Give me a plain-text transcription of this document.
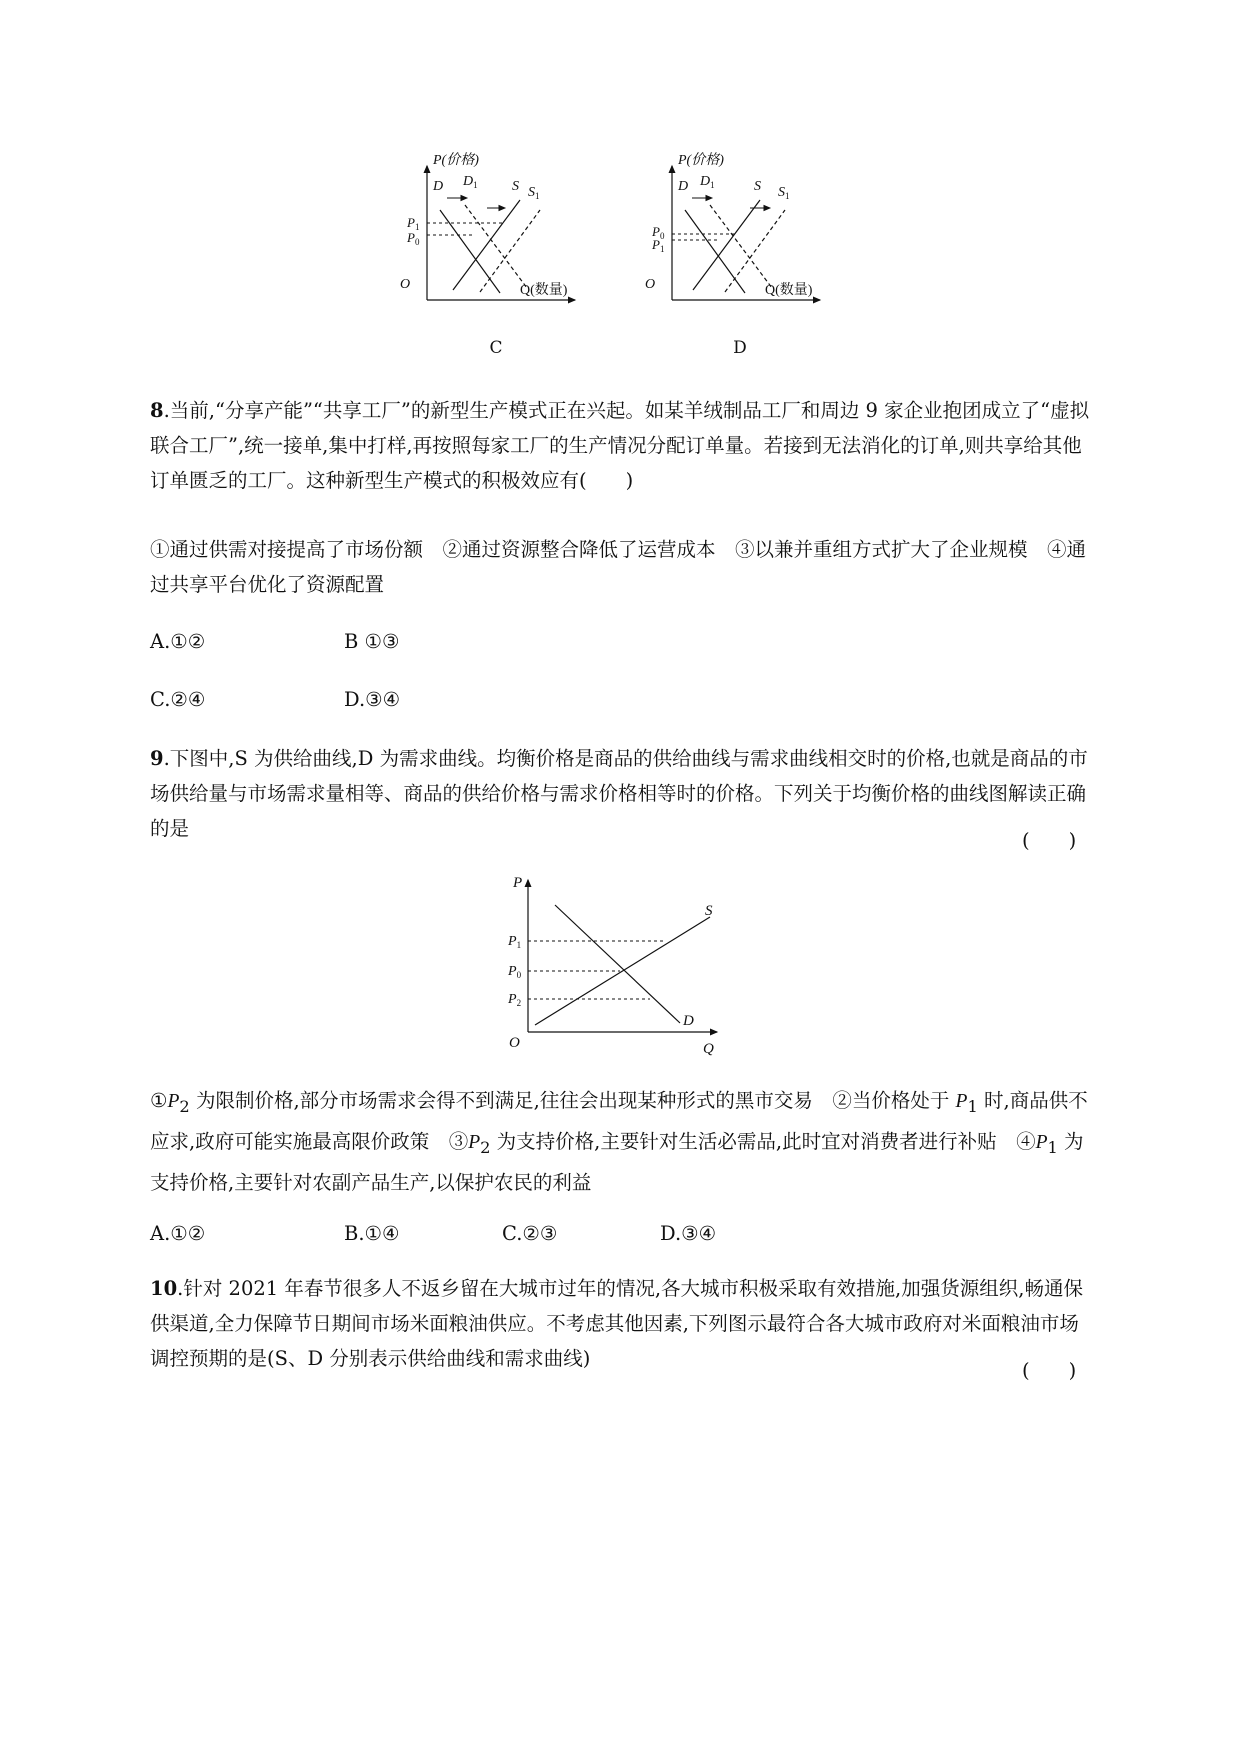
P(价格)
O	Q(数量)
D $D_1$ S $S_1$
$P_1$
$P_0$
C
P(价格)
O	Q(数量)
D $D_1$	S $S_1$
$P_0$
$P_1$
D

8.当前,“分享产能”“共享工厂”的新型生产模式正在兴起。如某羊绒制品工厂和周边 9 家企业抱团成立了“虚拟联合工厂”,统一接单,集中打样,再按照每家工厂的生产情况分配订单量。若接到无法消化的订单,则共享给其他订单匮乏的工厂。这种新型生产模式的积极效应有(　　)

①通过供需对接提高了市场份额　②通过资源整合降低了运营成本　③以兼并重组方式扩大了企业规模　④通过共享平台优化了资源配置

A.①②	B ①③
C.②④	D.③④

9.下图中,S 为供给曲线,D 为需求曲线。均衡价格是商品的供给曲线与需求曲线相交时的价格,也就是商品的市场供给量与市场需求量相等、商品的供给价格与需求价格相等时的价格。下列关于均衡价格的曲线图解读正确的是

(　　)
P
Q
O
S
D
$P_1$
$P_0$
$P_2$

$①P_2$ 为限制价格,部分市场需求会得不到满足,往往会出现某种形式的黑市交易　②当价格处于 $P_1$ 时,商品供不应求,政府可能实施最高限价政策　$③P_2$ 为支持价格,主要针对生活必需品,此时宜对消费者进行补贴　$④P_1$ 为支持价格,主要针对农副产品生产,以保护农民的利益

A.①②	B.①④	C.②③	D.③④

10.针对 2021 年春节很多人不返乡留在大城市过年的情况,各大城市积极采取有效措施,加强货源组织,畅通保供渠道,全力保障节日期间市场米面粮油供应。不考虑其他因素,下列图示最符合各大城市政府对米面粮油市场调控预期的是(S、D 分别表示供给曲线和需求曲线)

(　　)
